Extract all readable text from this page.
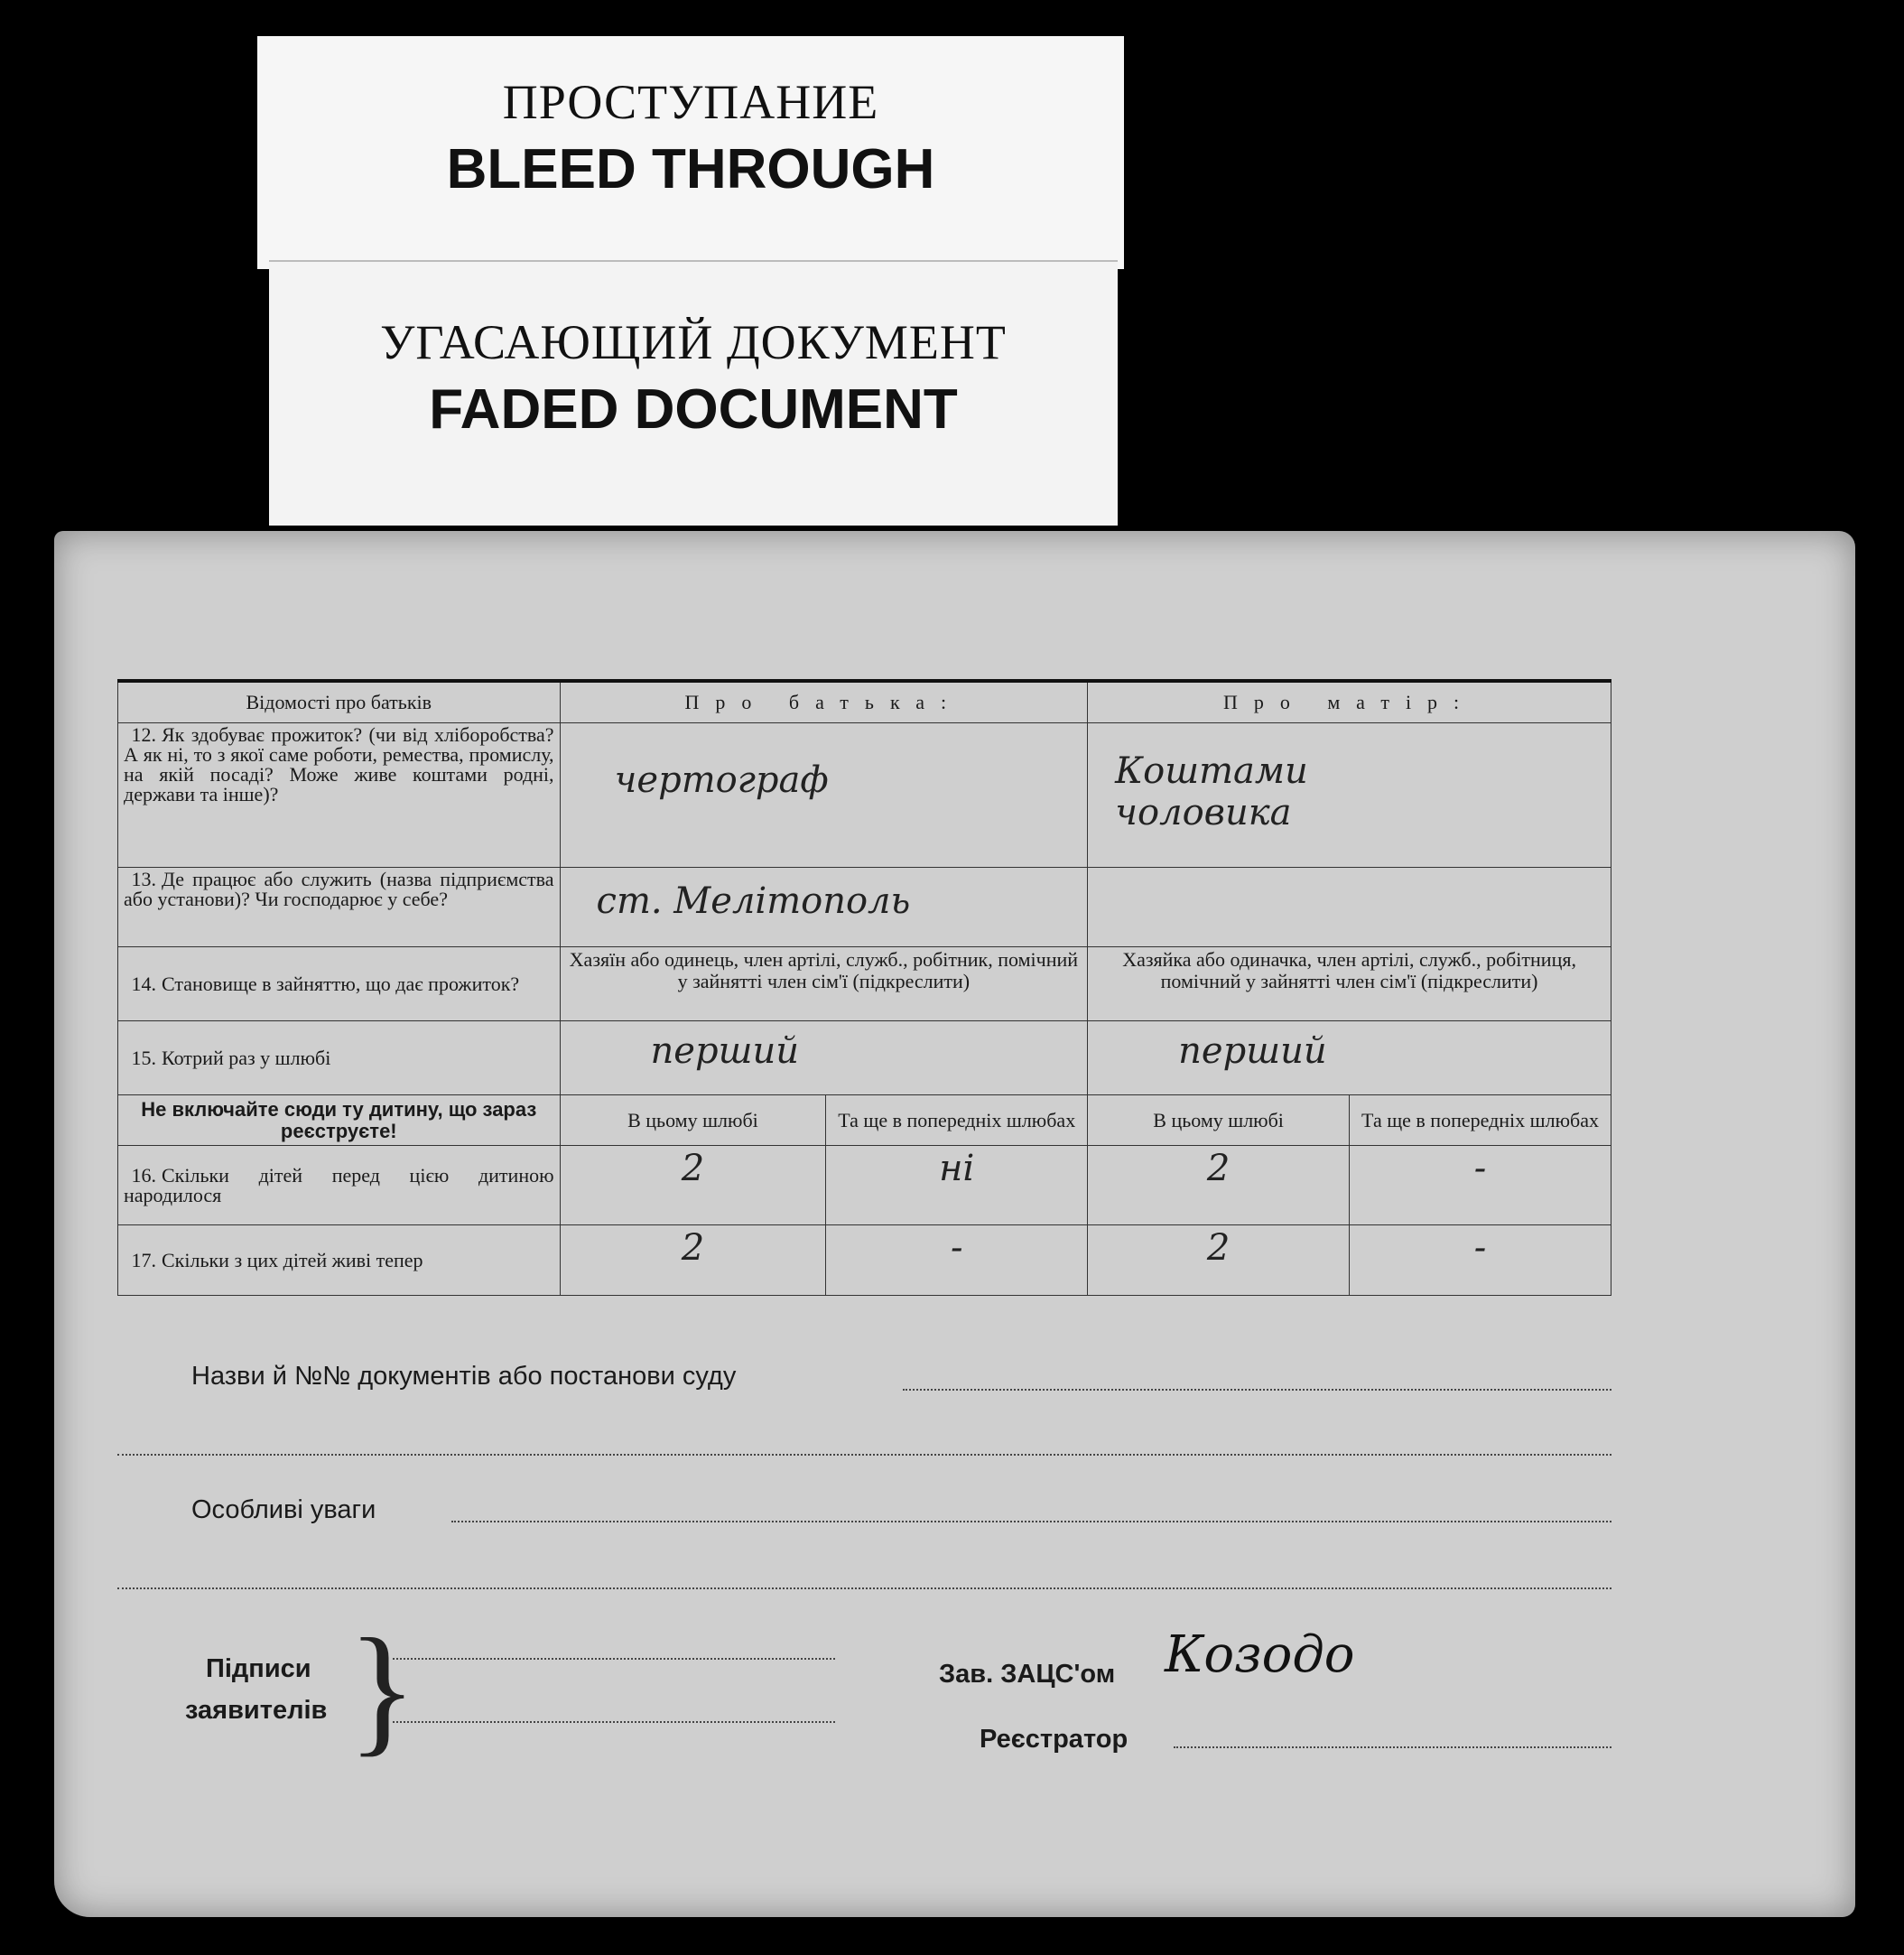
ПРОСТУПАНИЕ
BLEED THROUGH
УГАСАЮЩИЙ ДОКУМЕНТ
FADED DOCUMENT
Відомості про батьків	Про батька:		Про матір:	
12. Як здобуває прожиток? (чи від хліборобства? А як ні, то з якої саме роботи, ремества, промислу, на якій посаді? Може живе коштами родні, держави та інше)?	чертограф		Коштами чоловика	
13. Де працює або служить (назва підприємства або установи)? Чи господарює у себе?	ст. Мелітополь			
14. Становище в зайняттю, що дає прожиток?	Хазяїн або одинець, член артілі, служб., робітник, помічний у зайнятті член сім'ї (підкреслити)		Хазяйка або одиначка, член артілі, служб., робітниця, помічний у зайнятті член сім'ї (підкреслити)	
15. Котрий раз у шлюбі	перший		перший	
Не включайте сюди ту дитину, що зараз реєструєте!	В цьому шлюбі	Та ще в попередніх шлюбах	В цьому шлюбі	Та ще в попередніх шлюбах
16. Скільки дітей перед цією дитиною народилося	2	ні	2	-
17. Скільки з цих дітей живі тепер	2	-	2	-
Назви й №№ документів або постанови суду
Особливі уваги
Підписи
заявителів }	Зав. ЗАЦС'ом Козодо
Реєстратор
